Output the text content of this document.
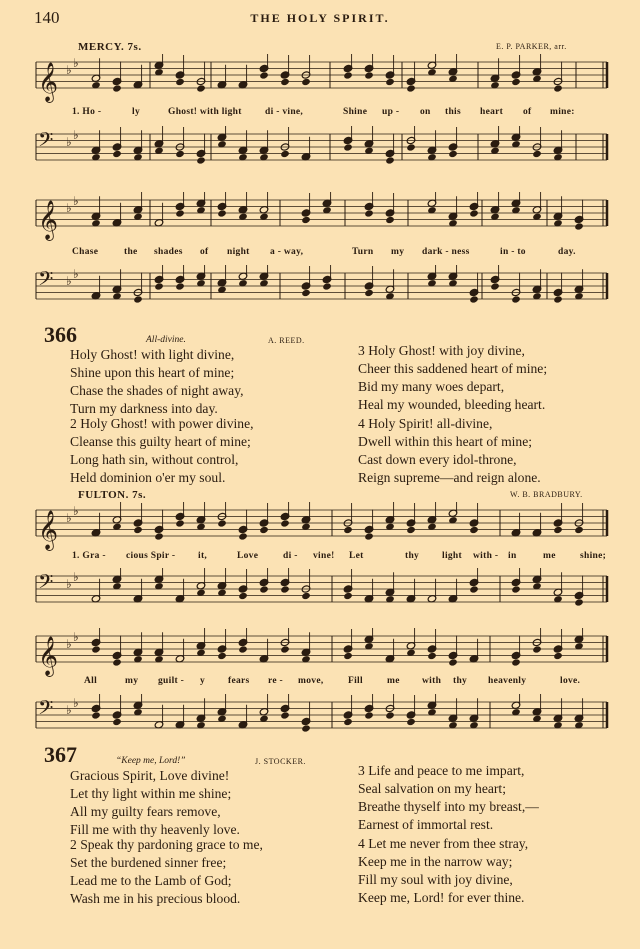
140	THE HOLY SPIRIT.
MERCY. 7s.	E. P. PARKER, arr.
𝄞 ♭ ♭
1. Ho -	ly	Ghost! with light di - vine,	Shine up - on this heart of mine:
𝄢 ♭ ♭
𝄞 ♭ ♭
Chase	the shades of night a - way,	Turn my dark - ness	in - to	day.
𝄢 ♭ ♭
366	All-divine.	A. REED.
Holy Ghost! with light divine,
Shine upon this heart of mine;
Chase the shades of night away,
Turn my darkness into day.
2 Holy Ghost! with power divine,
Cleanse this guilty heart of mine;
Long hath sin, without control,
Held dominion o'er my soul.
3 Holy Ghost! with joy divine,
Cheer this saddened heart of mine;
Bid my many woes depart,
Heal my wounded, bleeding heart.
4 Holy Spirit! all-divine,
Dwell within this heart of mine;
Cast down every idol-throne,
Reign supreme—and reign alone.
FULTON. 7s.	W. B. BRADBURY.
𝄞 ♭ ♭
1. Gra - cious Spir - it,	Love	di - vine! Let	thy light with - in	me	shine;
𝄢 ♭ ♭
𝄞 ♭ ♭
All	my guilt - y fears re - move,	Fill	me with thy heavenly	love.
𝄢 ♭ ♭
367	“Keep me, Lord!”	J. STOCKER.
Gracious Spirit, Love divine!
Let thy light within me shine;
All my guilty fears remove,
Fill me with thy heavenly love.
2 Speak thy pardoning grace to me,
Set the burdened sinner free;
Lead me to the Lamb of God;
Wash me in his precious blood.
3 Life and peace to me impart,
Seal salvation on my heart;
Breathe thyself into my breast,—
Earnest of immortal rest.
4 Let me never from thee stray,
Keep me in the narrow way;
Fill my soul with joy divine,
Keep me, Lord! for ever thine.
